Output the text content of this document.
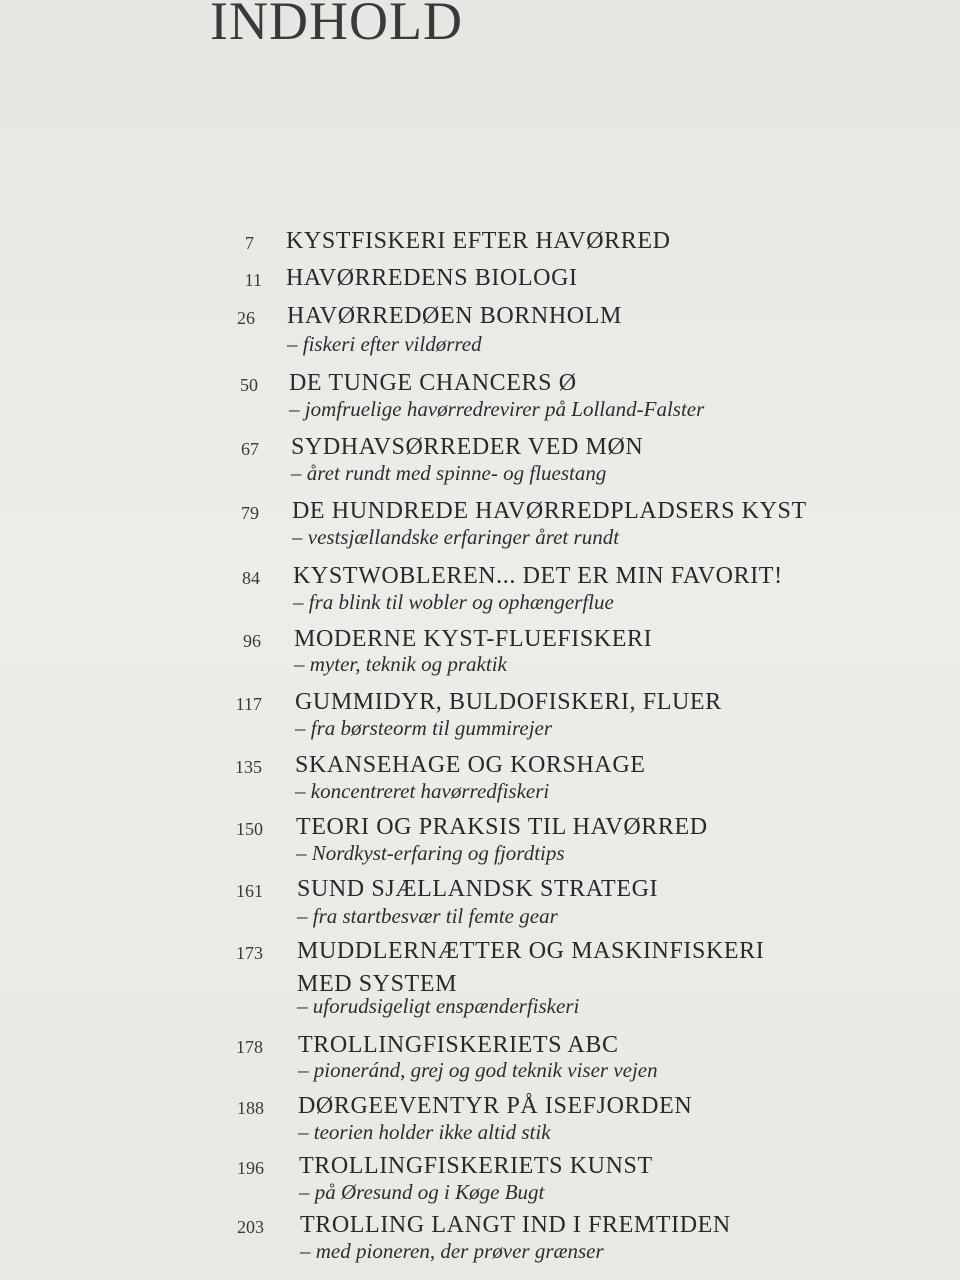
INDHOLD
7 KYSTFISKERI EFTER HAVØRRED
11 HAVØRREDENS BIOLOGI
26 HAVØRREDØEN BORNHOLM
– fiskeri efter vildørred
50 DE TUNGE CHANCERS Ø
– jomfruelige havørredrevirer på Lolland-Falster
67 SYDHAVSØRREDER VED MØN
– året rundt med spinne- og fluestang
79 DE HUNDREDE HAVØRREDPLADSERS KYST
– vestsjællandske erfaringer året rundt
84 KYSTWOBLEREN... DET ER MIN FAVORIT!
– fra blink til wobler og ophængerflue
96 MODERNE KYST-FLUEFISKERI
– myter, teknik og praktik
117 GUMMIDYR, BULDOFISKERI, FLUER
– fra børsteorm til gummirejer
135 SKANSEHAGE OG KORSHAGE
– koncentreret havørredfiskeri
150 TEORI OG PRAKSIS TIL HAVØRRED
– Nordkyst-erfaring og fjordtips
161 SUND SJÆLLANDSK STRATEGI
– fra startbesvær til femte gear
173 MUDDLERNÆTTER OG MASKINFISKERI
MED SYSTEM
– uforudsigeligt enspænderfiskeri
178 TROLLINGFISKERIETS ABC
– pioneránd, grej og god teknik viser vejen
188 DØRGEEVENTYR PÅ ISEFJORDEN
– teorien holder ikke altid stik
196 TROLLINGFISKERIETS KUNST
– på Øresund og i Køge Bugt
203 TROLLING LANGT IND I FREMTIDEN
– med pioneren, der prøver grænser
